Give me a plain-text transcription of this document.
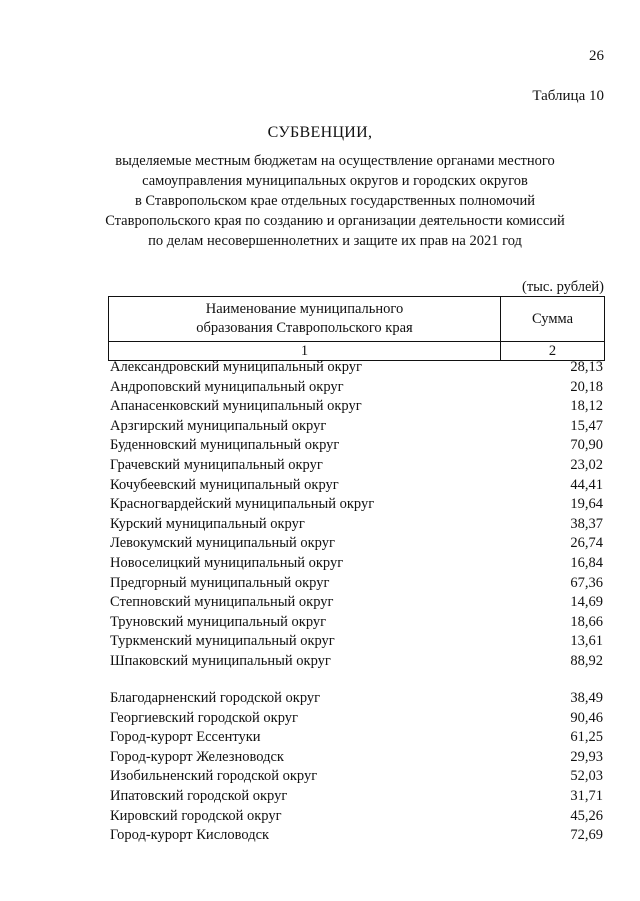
26
Таблица 10
СУБВЕНЦИИ,
выделяемые местным бюджетам на осуществление органами местного
самоуправления муниципальных округов и городских округов
в Ставропольском крае отдельных государственных полномочий
Ставропольского края по созданию и организации деятельности комиссий
по делам несовершеннолетних и защите их прав на 2021 год
(тыс. рублей)
Наименование муниципального
образования Ставропольского края	Сумма
1	2
Александровский муниципальный округ	28,13
Андроповский муниципальный округ	20,18
Апанасенковский муниципальный округ	18,12
Арзгирский муниципальный округ	15,47
Буденновский муниципальный округ	70,90
Грачевский муниципальный округ	23,02
Кочубеевский муниципальный округ	44,41
Красногвардейский муниципальный округ	19,64
Курский муниципальный округ	38,37
Левокумский муниципальный округ	26,74
Новоселицкий муниципальный округ	16,84
Предгорный муниципальный округ	67,36
Степновский муниципальный округ	14,69
Труновский муниципальный округ	18,66
Туркменский муниципальный округ	13,61
Шпаковский муниципальный округ	88,92
Благодарненский городской округ	38,49
Георгиевский городской округ	90,46
Город-курорт Ессентуки	61,25
Город-курорт Железноводск	29,93
Изобильненский городской округ	52,03
Ипатовский городской округ	31,71
Кировский городской округ	45,26
Город-курорт Кисловодск	72,69
